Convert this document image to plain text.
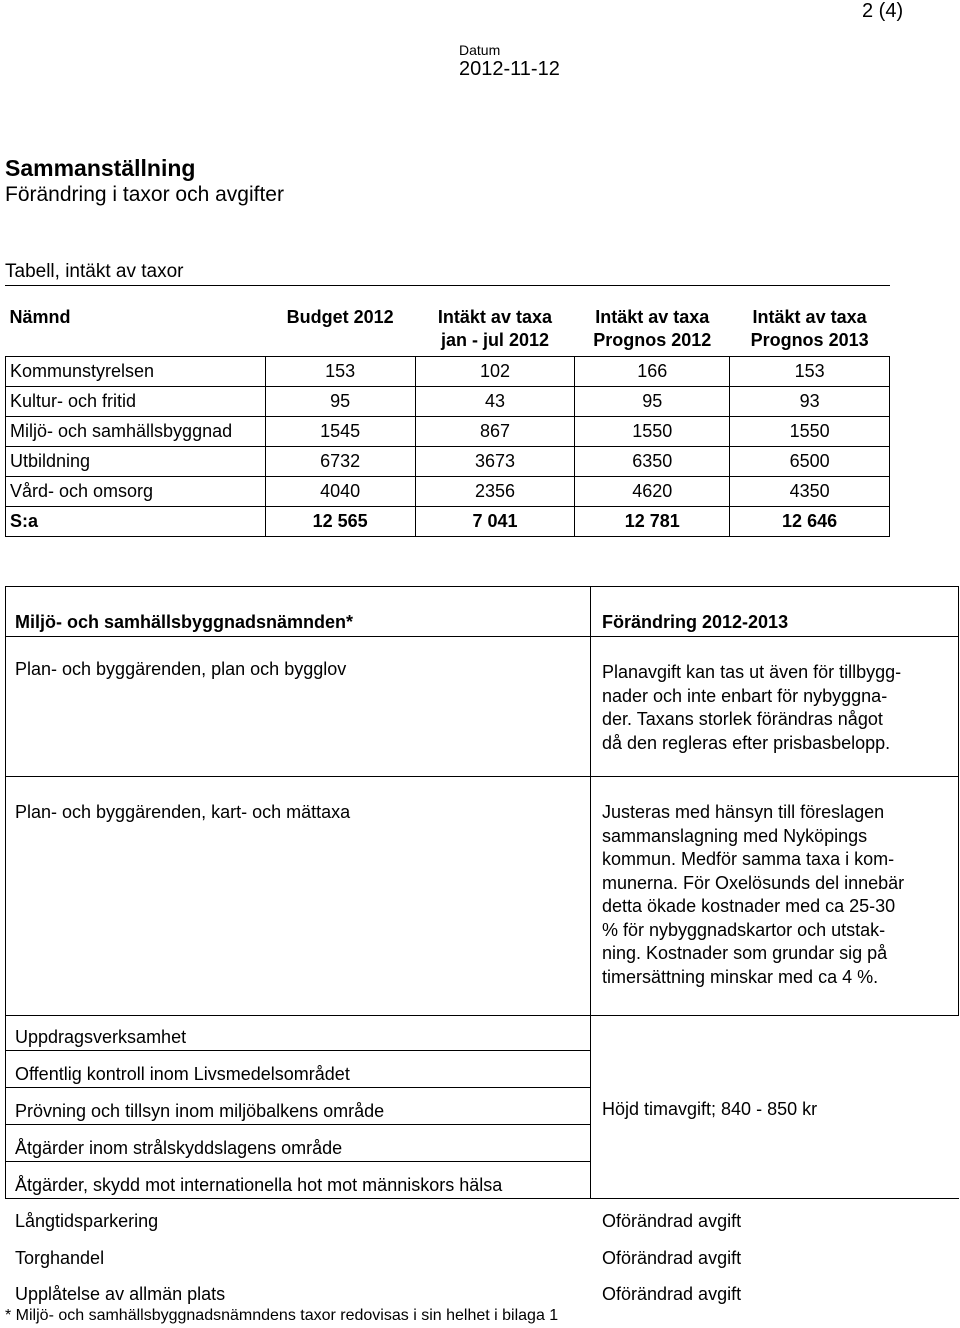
2 (4)
Datum
2012-11-12
Sammanställning
Förändring i taxor och avgifter
Tabell, intäkt av taxor
Nämnd	Budget 2012	Intäkt av taxa	Intäkt av taxa	Intäkt av taxa
		jan - jul 2012	Prognos 2012	Prognos 2013
Kommunstyrelsen	153	102	166	153
Kultur- och fritid	95	43	95	93
Miljö- och samhällsbyggnad	1545	867	1550	1550
Utbildning	6732	3673	6350	6500
Vård- och omsorg	4040	2356	4620	4350
S:a	12 565	7 041	12 781	12 646
Miljö- och samhällsbyggnadsnämnden*	Förändring 2012-2013
Plan- och byggärenden, plan och bygglov	Planavgift kan tas ut även för tillbygg-
nader och inte enbart för nybyggna-
der. Taxans storlek förändras något
då den regleras efter prisbasbelopp.
Plan- och byggärenden, kart- och mättaxa	Justeras med hänsyn till föreslagen
sammanslagning med Nyköpings
kommun. Medför samma taxa i kom-
munerna. För Oxelösunds del innebär
detta ökade kostnader med ca 25-30
% för nybyggnadskartor och utstak-
ning. Kostnader som grundar sig på
timersättning minskar med ca 4 %.
Uppdragsverksamhet
Offentlig kontroll inom Livsmedelsområdet
Prövning och tillsyn inom miljöbalkens område
Åtgärder inom strålskyddslagens område
Åtgärder, skydd mot internationella hot mot människors hälsa
Höjd timavgift; 840 - 850 kr
Långtidsparkering	Oförändrad avgift
Torghandel	Oförändrad avgift
Upplåtelse av allmän plats	Oförändrad avgift
* Miljö- och samhällsbyggnadsnämndens taxor redovisas i sin helhet i bilaga 1
